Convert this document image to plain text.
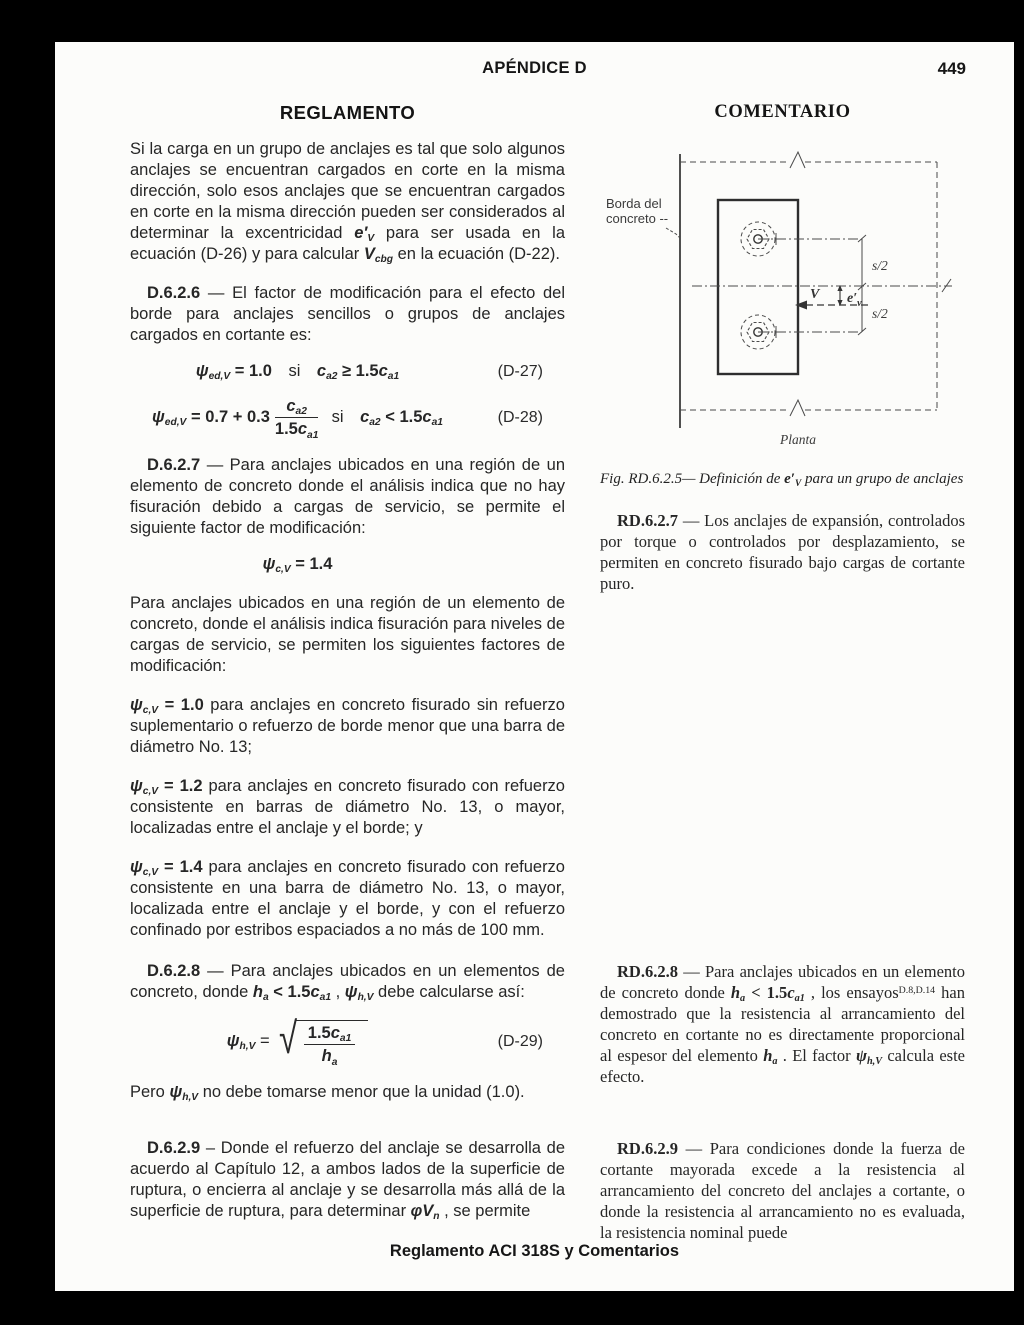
APÉNDICE D	449
REGLAMENTO	COMENTARIO

Si la carga en un grupo de anclajes es tal que solo algunos anclajes se encuentran cargados en corte en la misma dirección, solo esos anclajes que se encuentran cargados en corte en la misma dirección pueden ser considerados al determinar la excentricidad $e'_V$ para ser usada en la ecuación (D-26) y para calcular $V_{cbg}$ en la ecuación (D-22).

D.6.2.6 — El factor de modificación para el efecto del borde para anclajes sencillos o grupos de anclajes cargados en cortante es:

$\psi_{ed,V} = 1.0$ si $c_{a2} \ge 1.5c_{a1}$	(D-27)
$\psi_{ed,V} = 0.7 + 0.3 \frac{c_{a2}}{1.5c_{a1}}$  si $c_{a2} < 1.5c_{a1}$	(D-28)

D.6.2.7 — Para anclajes ubicados en una región de un elemento de concreto donde el análisis indica que no hay fisuración debido a cargas de servicio, se permite el siguiente factor de modificación:

$\psi_{c,V} = 1.4$

Para anclajes ubicados en una región de un elemento de concreto, donde el análisis indica fisuración para niveles de cargas de servicio, se permiten los siguientes factores de modificación:

$\psi_{c,V} = 1.0$ para anclajes en concreto fisurado sin refuerzo suplementario o refuerzo de borde menor que una barra de diámetro No. 13;

$\psi_{c,V} = 1.2$ para anclajes en concreto fisurado con refuerzo consistente en barras de diámetro No. 13, o mayor, localizadas entre el anclaje y el borde; y

$\psi_{c,V} = 1.4$ para anclajes en concreto fisurado con refuerzo consistente en una barra de diámetro No. 13, o mayor, localizada entre el anclaje y el borde, y con el refuerzo confinado por estribos espaciados a no más de 100 mm.

s/2
s/2
V $e'_v$
Borda del
concreto --
Planta

Fig. RD.6.2.5— Definición de $e'_V$ para un grupo de anclajes

RD.6.2.7 — Los anclajes de expansión, controlados por torque o controlados por desplazamiento, se permiten en concreto fisurado bajo cargas de cortante puro.

D.6.2.8 — Para anclajes ubicados en un elementos de concreto, donde $h_a < 1.5c_{a1}$ , $\psi_{h,V}$ debe calcularse así:

$\psi_{h,V}$ = √ $\frac{1.5c_{a1}}{h_a}$	(D-29)

Pero $\psi_{h,V}$ no debe tomarse menor que la unidad (1.0).

RD.6.2.8 — Para anclajes ubicados en un elemento de concreto donde $h_a < 1.5c_{a1}$ , los ensayos$^{D.8,D.14}$ han demostrado que la resistencia al arrancamiento del concreto en cortante no es directamente proporcional al espesor del elemento $h_a$ . El factor $\psi_{h,V}$ calcula este efecto.

D.6.2.9 – Donde el refuerzo del anclaje se desarrolla de acuerdo al Capítulo 12, a ambos lados de la superficie de ruptura, o encierra al anclaje y se desarrolla más allá de la superficie de ruptura, para determinar $\varphi V_n$ , se permite

RD.6.2.9 — Para condiciones donde la fuerza de cortante mayorada excede a la resistencia al arrancamiento del concreto del anclajes a cortante, o donde la resistencia al arrancamiento no es evaluada, la resistencia nominal puede

Reglamento ACI 318S y Comentarios
